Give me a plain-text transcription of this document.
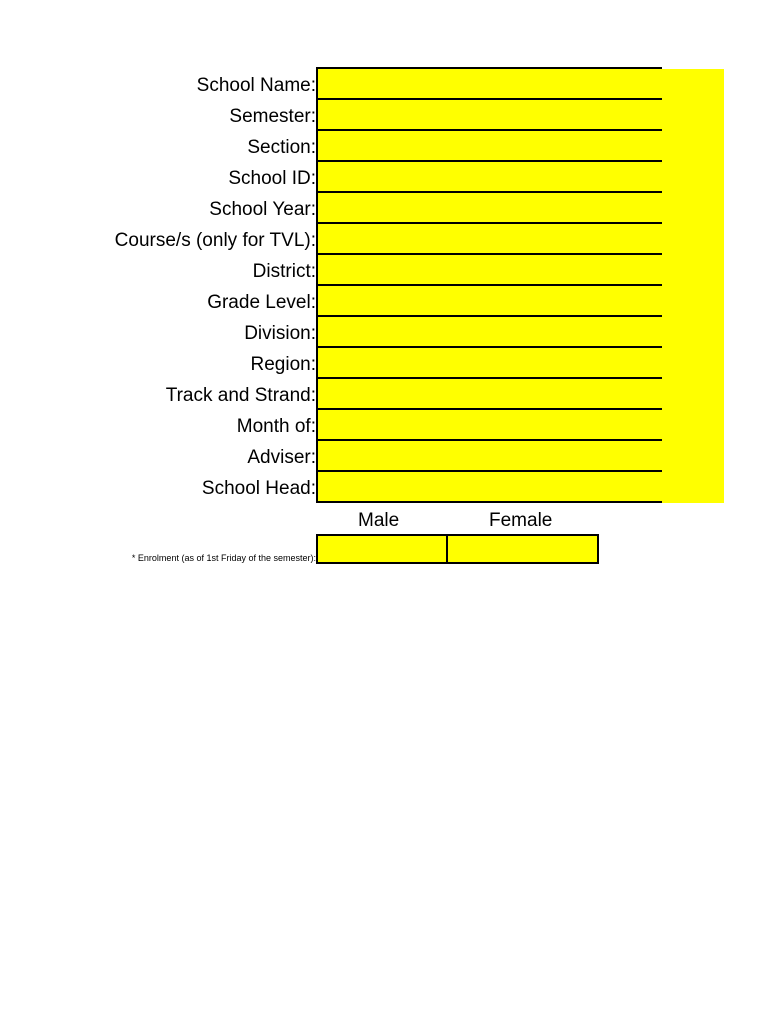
School Name:
Semester:
Section:
School ID:
School Year:
Course/s (only for TVL):
District:
Grade Level:
Division:
Region:
Track and Strand:
Month of:
Adviser:
School Head:
Male	Female
* Enrolment (as of 1st Friday of the semester):
